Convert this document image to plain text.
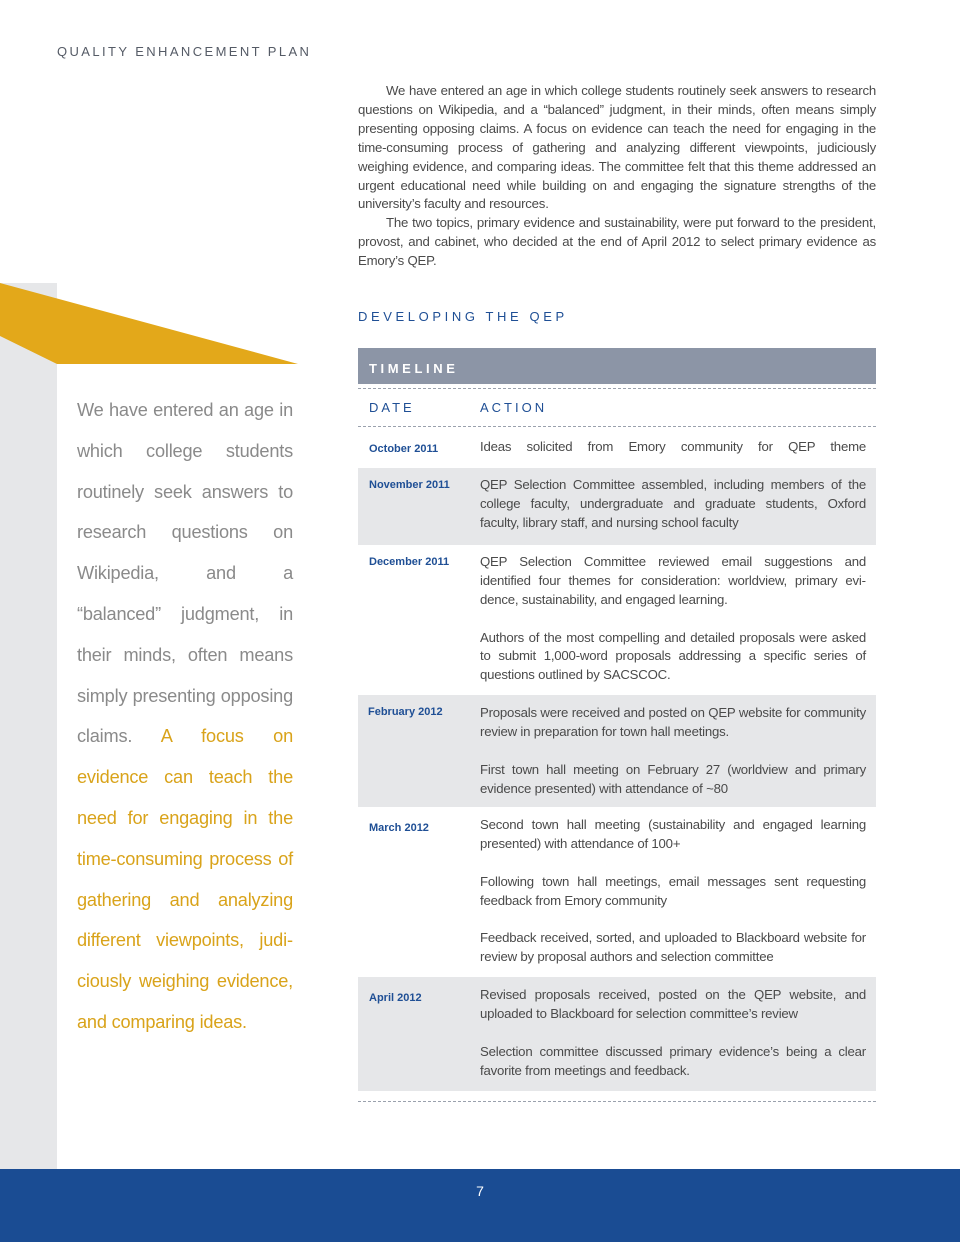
QUALITY ENHANCEMENT PLAN

We have entered an age in which college students routinely seek answers to research questions on Wikipedia, and a “balanced” judgment, in their minds, often means simply presenting opposing claims. A focus on evidence can teach the need for engaging in the time-consuming process of gathering and analyzing different viewpoints, judiciously weighing evidence, and comparing ideas. The committee felt that this theme addressed an urgent educational need while building on and engaging the signature strengths of the university’s faculty and resources.

The two topics, primary evidence and sustainability, were put forward to the president, provost, and cabinet, who decided at the end of April 2012 to select primary evidence as Emory’s QEP.

DEVELOPING THE QEP

We have entered an age in which college students routinely seek answers to research questions on Wikipedia, and a “balanced” judgment, in their minds, often means simply presenting opposing claims. A focus on evidence can teach the need for engaging in the time-consuming process of gathering and analyzing different viewpoints, judiciously weighing evidence, and comparing ideas.

TIMELINE
DATE	ACTION
October 2011	Ideas solicited from Emory community for QEP theme

November 2011	QEP Selection Committee assembled, including members of the college faculty, undergraduate and graduate students, Oxford faculty, library staff, and nursing school faculty

December 2011	QEP Selection Committee reviewed email suggestions and identified four themes for consideration: worldview, primary evidence, sustainability, and engaged learning.

Authors of the most compelling and detailed proposals were asked to submit 1,000-word proposals addressing a specific series of questions outlined by SACSCOC.

February 2012	Proposals were received and posted on QEP website for community review in preparation for town hall meetings.

First town hall meeting on February 27 (worldview and primary evidence presented) with attendance of ~80

March 2012	Second town hall meeting (sustainability and engaged learning presented) with attendance of 100+

Following town hall meetings, email messages sent requesting feedback from Emory community

Feedback received, sorted, and uploaded to Blackboard website for review by proposal authors and selection committee

April 2012	Revised proposals received, posted on the QEP website, and uploaded to Blackboard for selection committee’s review

Selection committee discussed primary evidence’s being a clear favorite from meetings and feedback.

7
